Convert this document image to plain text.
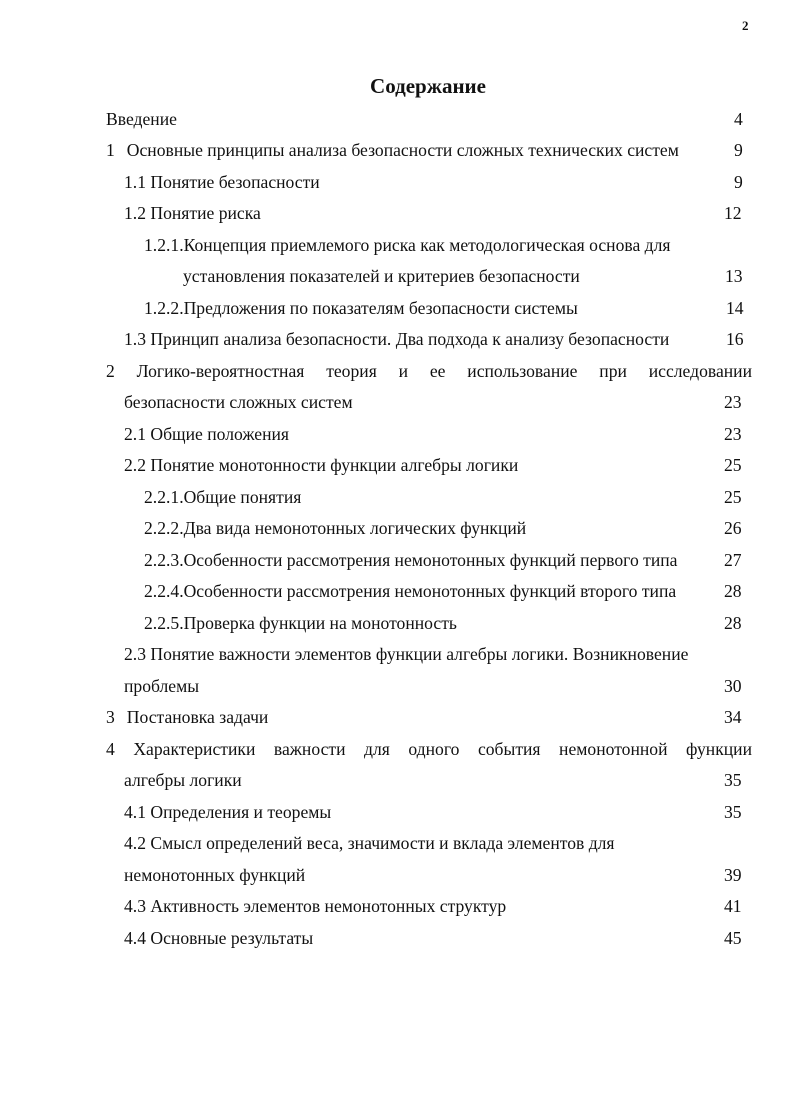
2
Содержание
Введение	4
1 Основные принципы анализа безопасности сложных технических систем	9
1.1 Понятие безопасности	9
1.2 Понятие риска	12
1.2.1.Концепция приемлемого риска как методологическая основа для
установления показателей и критериев безопасности	13
1.2.2.Предложения по показателям безопасности системы	14
1.3 Принцип анализа безопасности. Два подхода к анализу безопасности	16
2 Логико-вероятностная теория и ее использование при исследовании
безопасности сложных систем	23
2.1 Общие положения	23
2.2 Понятие монотонности функции алгебры логики	25
2.2.1.Общие понятия	25
2.2.2.Два вида немонотонных логических функций	26
2.2.3.Особенности рассмотрения немонотонных функций первого типа	27
2.2.4.Особенности рассмотрения немонотонных функций второго типа	28
2.2.5.Проверка функции на монотонность	28
2.3 Понятие важности элементов функции алгебры логики. Возникновение
проблемы	30
3 Постановка задачи	34
4 Характеристики важности для одного события немонотонной функции
алгебры логики	35
4.1 Определения и теоремы	35
4.2 Смысл определений веса, значимости и вклада элементов для
немонотонных функций	39
4.3 Активность элементов немонотонных структур	41
4.4 Основные результаты	45
